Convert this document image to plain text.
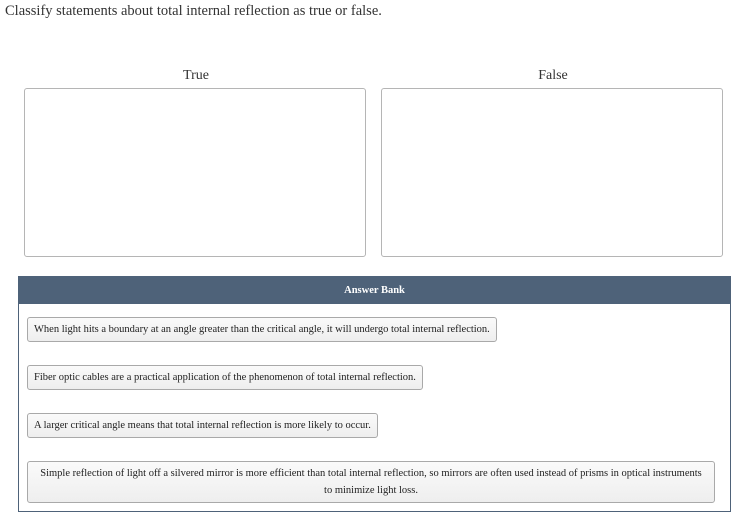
Classify statements about total internal reflection as true or false.
True	False
Answer Bank
When light hits a boundary at an angle greater than the critical angle, it will undergo total internal reflection.
Fiber optic cables are a practical application of the phenomenon of total internal reflection.
A larger critical angle means that total internal reflection is more likely to occur.
Simple reflection of light off a silvered mirror is more efficient than total internal reflection, so mirrors are often used instead of prisms in optical instruments to minimize light loss.
